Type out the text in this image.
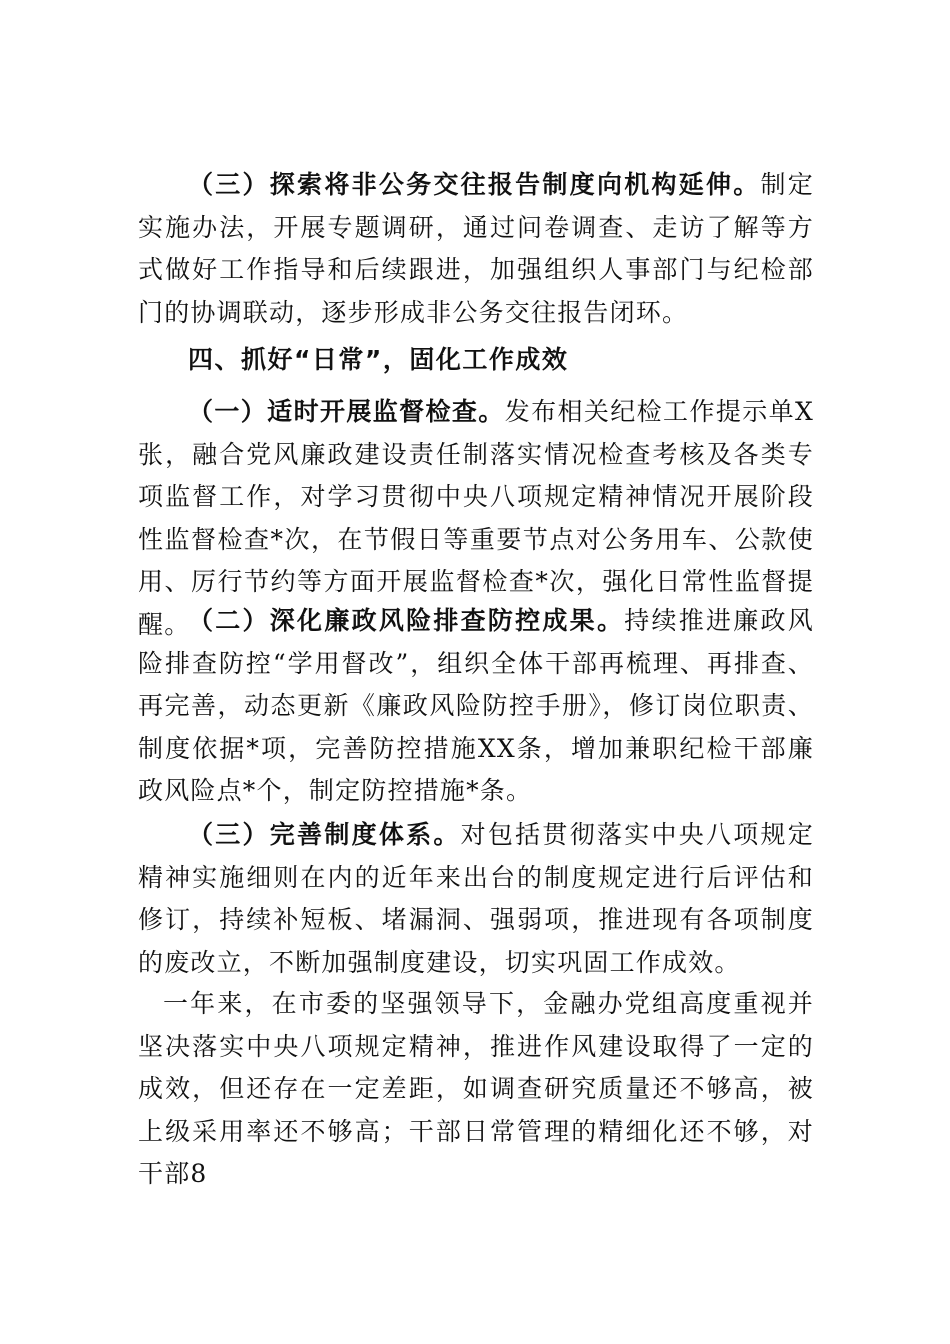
（三）探索将非公务交往报告制度向机构延伸。制定实施办法，开展专题调研，通过问卷调查、走访了解等方式做好工作指导和后续跟进，加强组织人事部门与纪检部门的协调联动，逐步形成非公务交往报告闭环。

四、抓好“日常”，固化工作成效

（一）适时开展监督检查。发布相关纪检工作提示单X张，融合党风廉政建设责任制落实情况检查考核及各类专项监督工作，对学习贯彻中央八项规定精神情况开展阶段性监督检查*次，在节假日等重要节点对公务用车、公款使用、厉行节约等方面开展监督检查*次，强化日常性监督提醒。

（二）深化廉政风险排查防控成果。持续推进廉政风险排查防控“学用督改”，组织全体干部再梳理、再排查、再完善，动态更新《廉政风险防控手册》，修订岗位职责、制度依据*项，完善防控措施XX条，增加兼职纪检干部廉政风险点*个，制定防控措施*条。

（三）完善制度体系。对包括贯彻落实中央八项规定精神实施细则在内的近年来出台的制度规定进行后评估和修订，持续补短板、堵漏洞、强弱项，推进现有各项制度的废改立，不断加强制度建设，切实巩固工作成效。

一年来，在市委的坚强领导下，金融办党组高度重视并坚决落实中央八项规定精神，推进作风建设取得了一定的成效，但还存在一定差距，如调查研究质量还不够高，被上级采用率还不够高；干部日常管理的精细化还不够，对干部8
